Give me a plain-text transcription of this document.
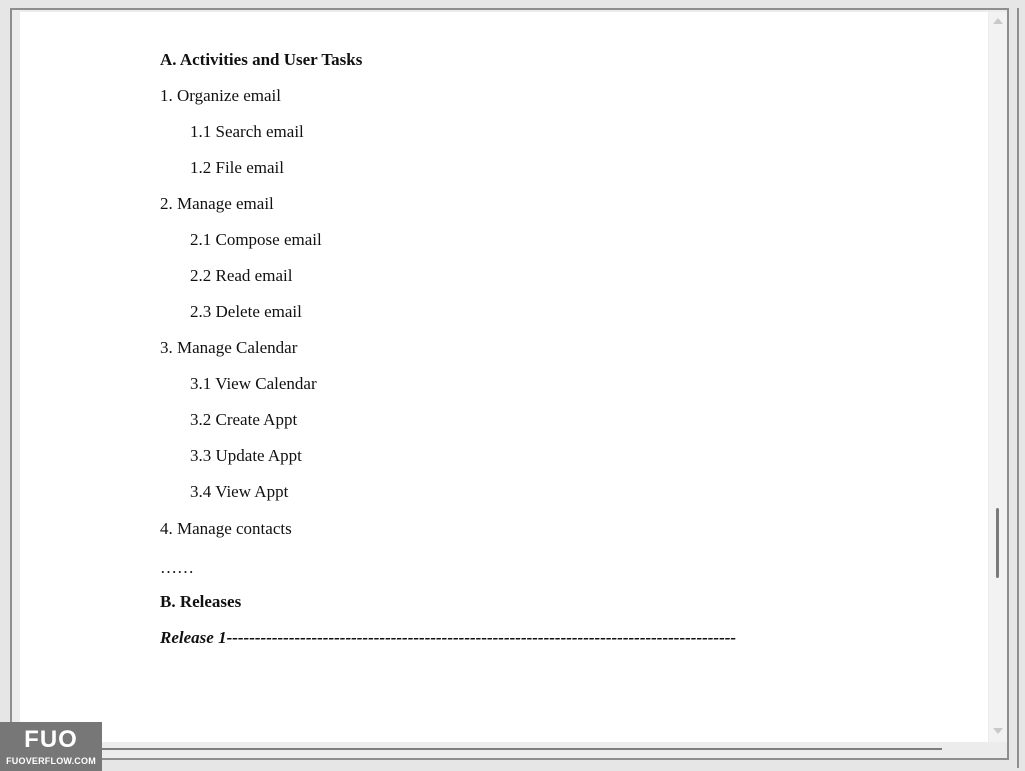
A. Activities and User Tasks
1. Organize email
1.1 Search email
1.2 File email
2. Manage email
2.1 Compose email
2.2 Read email
2.3 Delete email
3. Manage Calendar
3.1 View Calendar
3.2 Create Appt
3.3 Update Appt
3.4 View Appt
4. Manage contacts
……
B. Releases
Release 1------------------------------------------------------------------------------------------
FUO
FUOVERFLOW.COM
